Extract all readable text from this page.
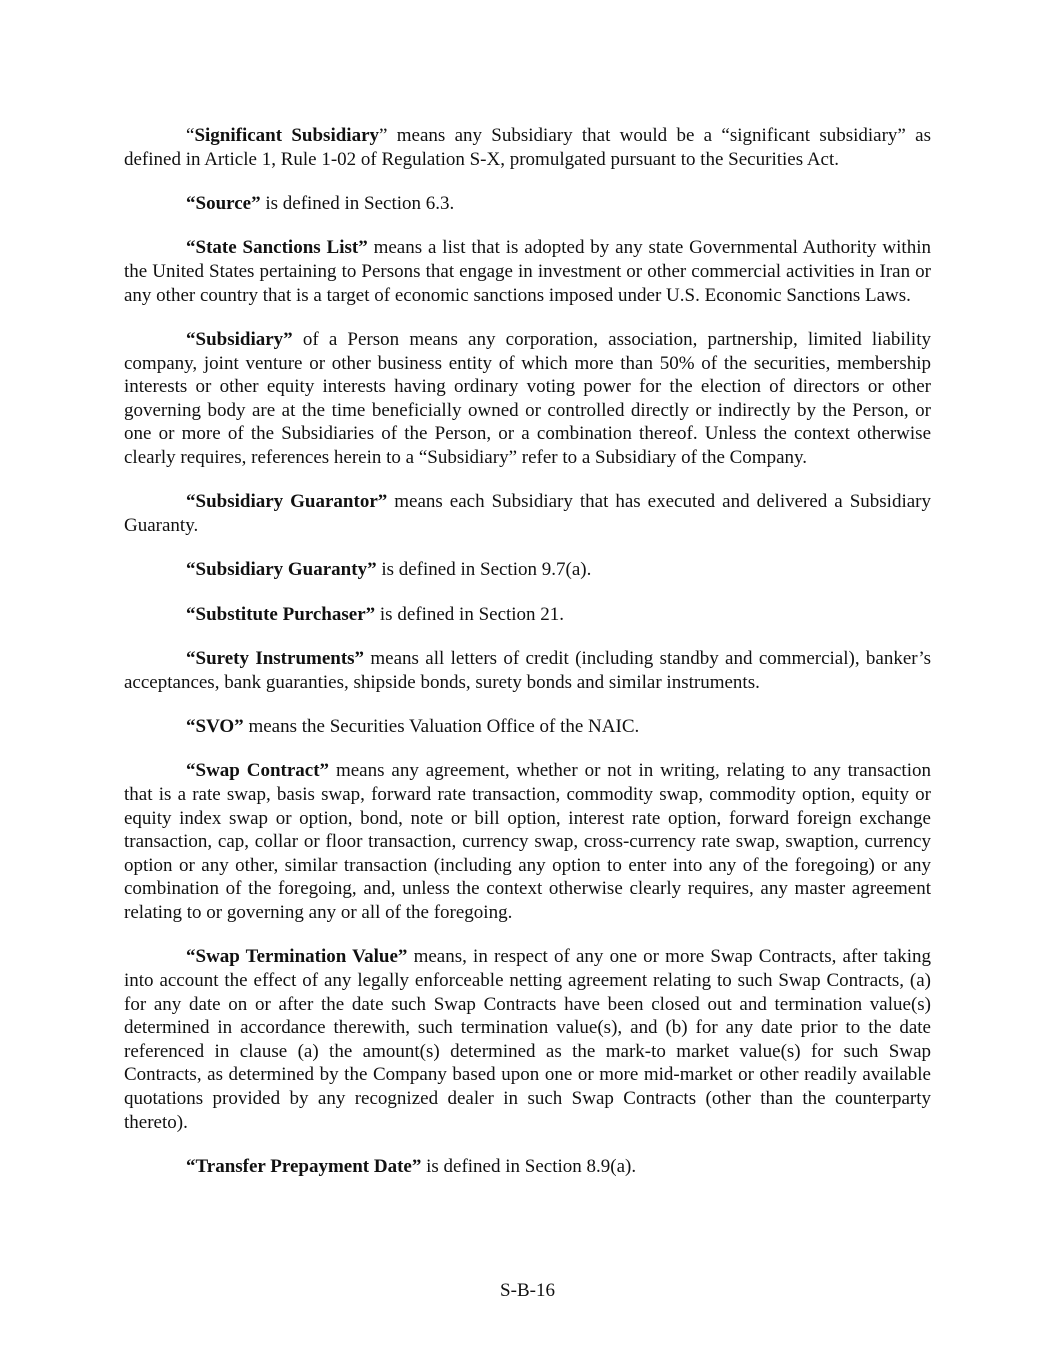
“Significant Subsidiary” means any Subsidiary that would be a “significant subsidiary” as defined in Article 1, Rule 1-02 of Regulation S-X, promulgated pursuant to the Securities Act.

“Source” is defined in Section 6.3.

“State Sanctions List” means a list that is adopted by any state Governmental Authority within the United States pertaining to Persons that engage in investment or other commercial activities in Iran or any other country that is a target of economic sanctions imposed under U.S. Economic Sanctions Laws.

“Subsidiary” of a Person means any corporation, association, partnership, limited liability company, joint venture or other business entity of which more than 50% of the securities, membership interests or other equity interests having ordinary voting power for the election of directors or other governing body are at the time beneficially owned or controlled directly or indirectly by the Person, or one or more of the Subsidiaries of the Person, or a combination thereof. Unless the context otherwise clearly requires, references herein to a “Subsidiary” refer to a Subsidiary of the Company.

“Subsidiary Guarantor” means each Subsidiary that has executed and delivered a Subsidiary Guaranty.

“Subsidiary Guaranty” is defined in Section 9.7(a).

“Substitute Purchaser” is defined in Section 21.

“Surety Instruments” means all letters of credit (including standby and commercial), banker’s acceptances, bank guaranties, shipside bonds, surety bonds and similar instruments.

“SVO” means the Securities Valuation Office of the NAIC.

“Swap Contract” means any agreement, whether or not in writing, relating to any transaction that is a rate swap, basis swap, forward rate transaction, commodity swap, commodity option, equity or equity index swap or option, bond, note or bill option, interest rate option, forward foreign exchange transaction, cap, collar or floor transaction, currency swap, cross-currency rate swap, swaption, currency option or any other, similar transaction (including any option to enter into any of the foregoing) or any combination of the foregoing, and, unless the context otherwise clearly requires, any master agreement relating to or governing any or all of the foregoing.

“Swap Termination Value” means, in respect of any one or more Swap Contracts, after taking into account the effect of any legally enforceable netting agreement relating to such Swap Contracts, (a) for any date on or after the date such Swap Contracts have been closed out and termination value(s) determined in accordance therewith, such termination value(s), and (b) for any date prior to the date referenced in clause (a) the amount(s) determined as the mark-to market value(s) for such Swap Contracts, as determined by the Company based upon one or more mid-market or other readily available quotations provided by any recognized dealer in such Swap Contracts (other than the counterparty thereto).

“Transfer Prepayment Date” is defined in Section 8.9(a).

S-B-16
